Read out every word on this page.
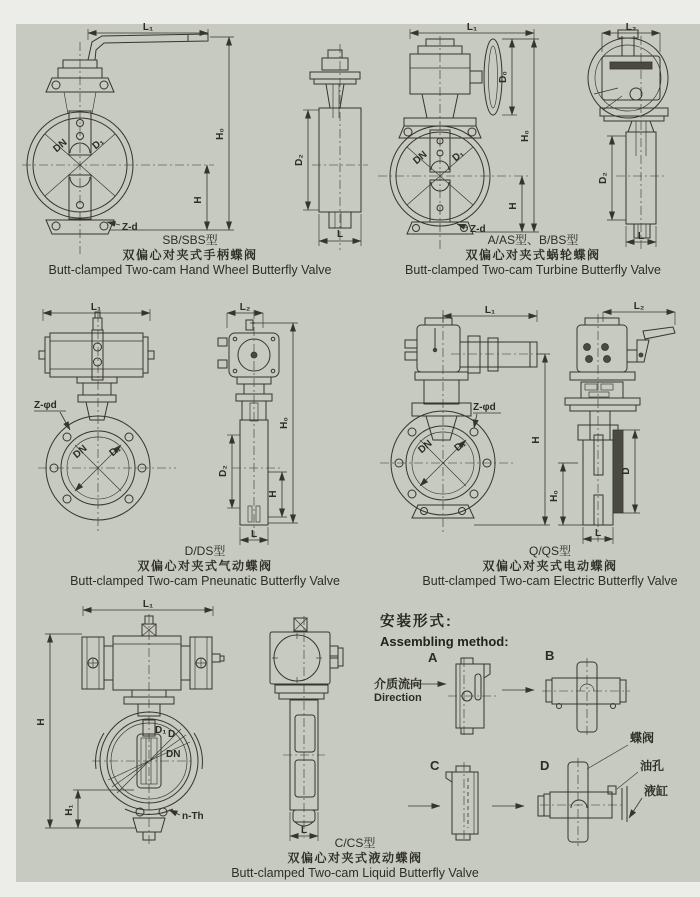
L₁
H₀
H
DN D₁
Z-d
D₂
L
SB/SBS型
双偏心对夹式手柄蝶阀
Butt-clamped Two-cam Hand Wheel Butterfly Valve
L₁
D₀
H₀
H
DN D₁
Z-d
L₂
D₂
L
A/AS型、B/BS型
双偏心对夹式蜗轮蝶阀
Butt-clamped Two-cam Turbine Butterfly Valve
L₁
Z-φd
DN D₁
L₂
H₀
D₂
H
L
D/DS型
双偏心对夹式气动蝶阀
Butt-clamped Two-cam Pneunatic Butterfly Valve
L₁
Z-φd
DN D₁	H
L₂
D
H₀
L
Q/QS型
双偏心对夹式电动蝶阀
Butt-clamped Two-cam Electric Butterfly Valve
L₁
H
H₁
D₁ D
DN
n-Th
L
C/CS型
双偏心对夹式液动蝶阀
Butt-clamped Two-cam Liquid Butterfly Valve
安装形式:
Assembling method:
A	B
C	D
介质流向
Direction
蝶阀
油孔
液缸
